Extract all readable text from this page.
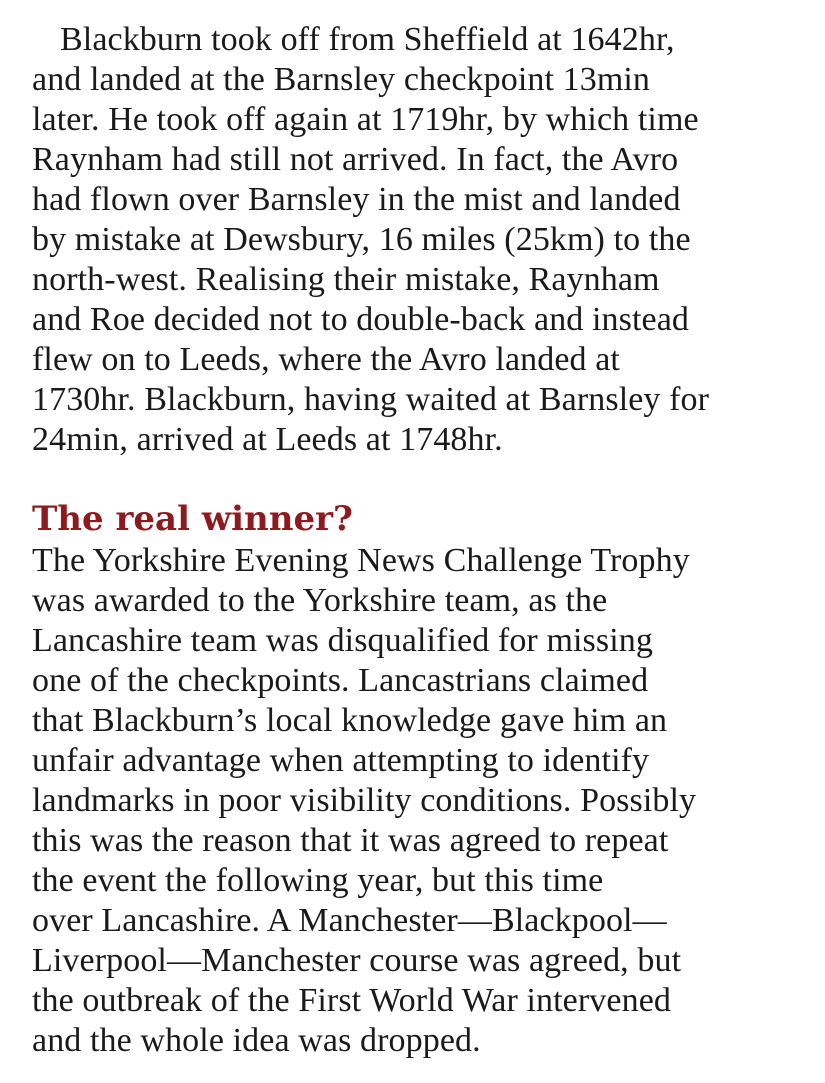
Blackburn took off from Sheffield at 1642hr,
and landed at the Barnsley checkpoint 13min
later. He took off again at 1719hr, by which time
Raynham had still not arrived. In fact, the Avro
had flown over Barnsley in the mist and landed
by mistake at Dewsbury, 16 miles (25km) to the
north-west. Realising their mistake, Raynham
and Roe decided not to double-back and instead
flew on to Leeds, where the Avro landed at
1730hr. Blackburn, having waited at Barnsley for
24min, arrived at Leeds at 1748hr.
The real winner?
The Yorkshire Evening News Challenge Trophy
was awarded to the Yorkshire team, as the
Lancashire team was disqualified for missing
one of the checkpoints. Lancastrians claimed
that Blackburn’s local knowledge gave him an
unfair advantage when attempting to identify
landmarks in poor visibility conditions. Possibly
this was the reason that it was agreed to repeat
the event the following year, but this time
over Lancashire. A Manchester—Blackpool—
Liverpool—Manchester course was agreed, but
the outbreak of the First World War intervened
and the whole idea was dropped.
